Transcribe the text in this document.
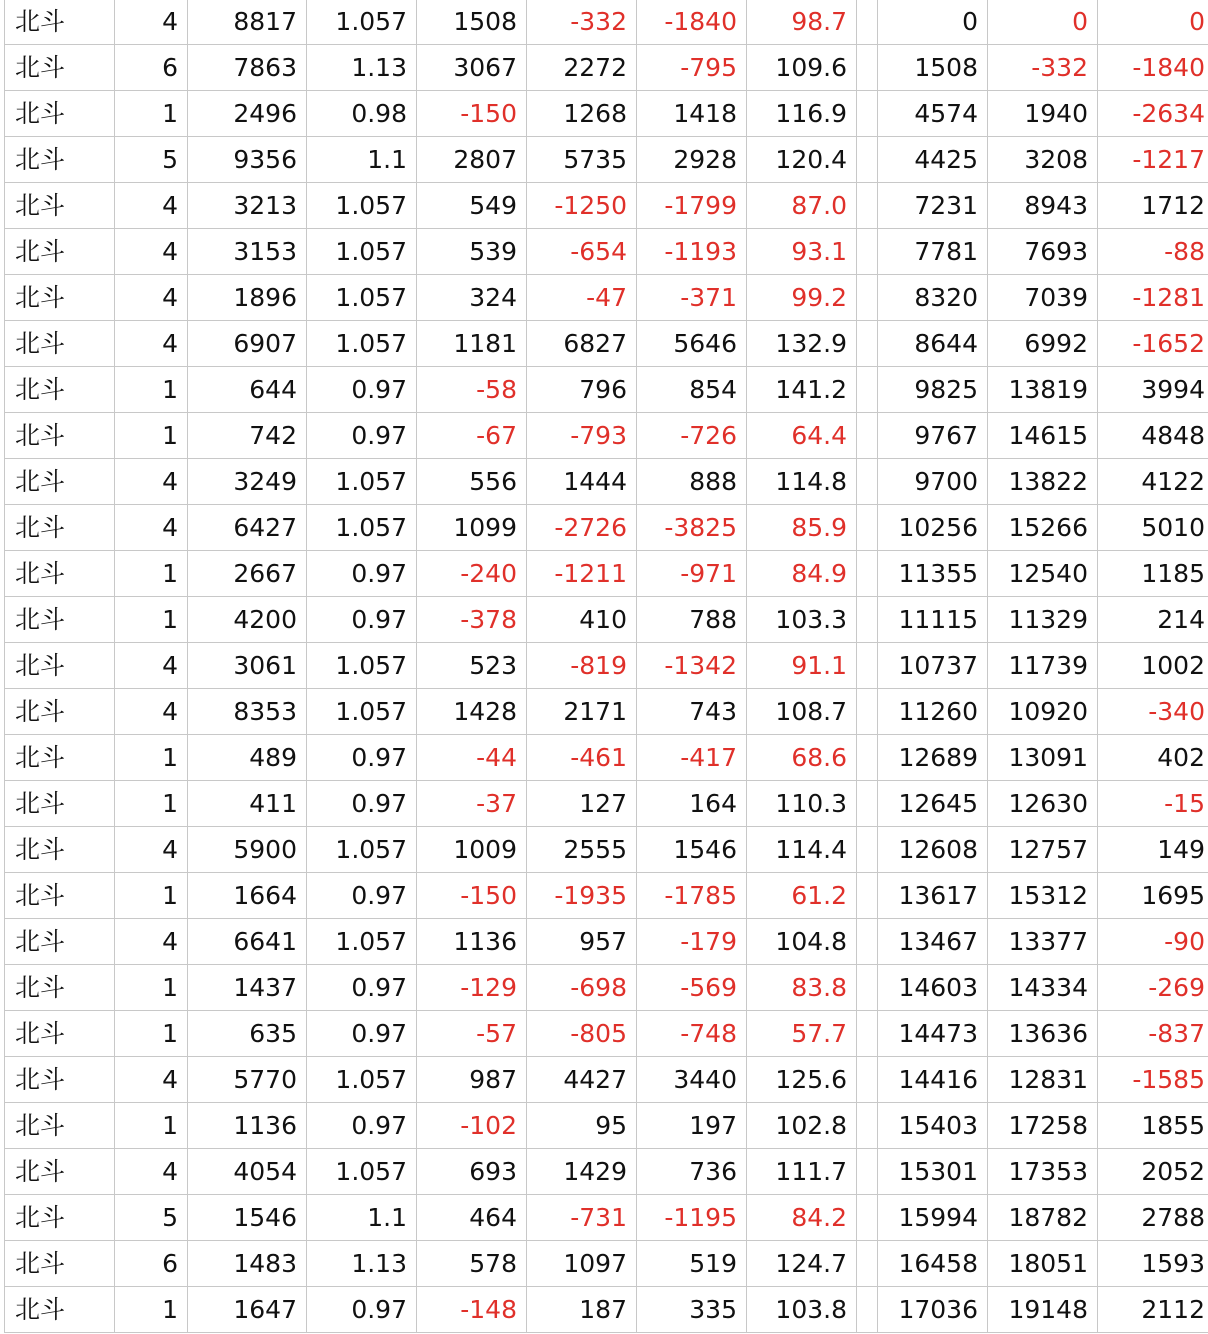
北斗	4	8817	1.057	1508	-332	-1840	98.7		0	0	0
北斗	6	7863	1.13	3067	2272	-795	109.6		1508	-332	-1840
北斗	1	2496	0.98	-150	1268	1418	116.9		4574	1940	-2634
北斗	5	9356	1.1	2807	5735	2928	120.4		4425	3208	-1217
北斗	4	3213	1.057	549	-1250	-1799	87.0		7231	8943	1712
北斗	4	3153	1.057	539	-654	-1193	93.1		7781	7693	-88
北斗	4	1896	1.057	324	-47	-371	99.2		8320	7039	-1281
北斗	4	6907	1.057	1181	6827	5646	132.9		8644	6992	-1652
北斗	1	644	0.97	-58	796	854	141.2		9825	13819	3994
北斗	1	742	0.97	-67	-793	-726	64.4		9767	14615	4848
北斗	4	3249	1.057	556	1444	888	114.8		9700	13822	4122
北斗	4	6427	1.057	1099	-2726	-3825	85.9		10256	15266	5010
北斗	1	2667	0.97	-240	-1211	-971	84.9		11355	12540	1185
北斗	1	4200	0.97	-378	410	788	103.3		11115	11329	214
北斗	4	3061	1.057	523	-819	-1342	91.1		10737	11739	1002
北斗	4	8353	1.057	1428	2171	743	108.7		11260	10920	-340
北斗	1	489	0.97	-44	-461	-417	68.6		12689	13091	402
北斗	1	411	0.97	-37	127	164	110.3		12645	12630	-15
北斗	4	5900	1.057	1009	2555	1546	114.4		12608	12757	149
北斗	1	1664	0.97	-150	-1935	-1785	61.2		13617	15312	1695
北斗	4	6641	1.057	1136	957	-179	104.8		13467	13377	-90
北斗	1	1437	0.97	-129	-698	-569	83.8		14603	14334	-269
北斗	1	635	0.97	-57	-805	-748	57.7		14473	13636	-837
北斗	4	5770	1.057	987	4427	3440	125.6		14416	12831	-1585
北斗	1	1136	0.97	-102	95	197	102.8		15403	17258	1855
北斗	4	4054	1.057	693	1429	736	111.7		15301	17353	2052
北斗	5	1546	1.1	464	-731	-1195	84.2		15994	18782	2788
北斗	6	1483	1.13	578	1097	519	124.7		16458	18051	1593
北斗	1	1647	0.97	-148	187	335	103.8		17036	19148	2112
